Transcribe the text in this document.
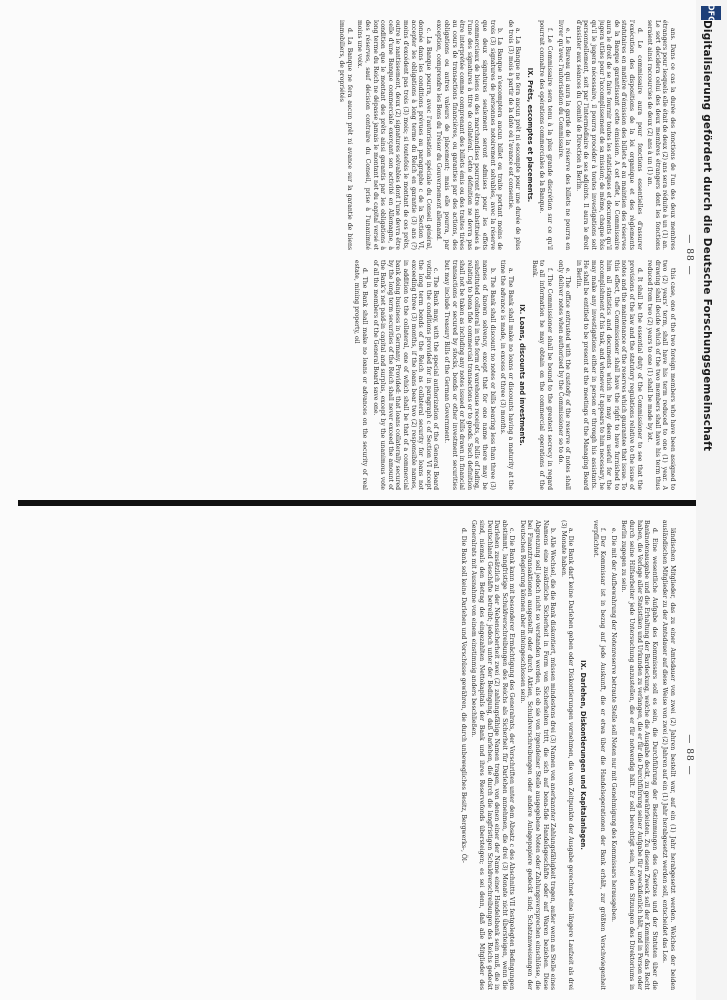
— 88 —

ans. Dans ce cas la durée des fonctions de l'un des deux membres étrangers pour lesquels elle était de deux (2) ans sera réduite à un (1) an. Le sort décidera celui des deux membres étrangers dont les fonctions seraient ainsi raccourcies de deux (2) ans à un (1) an.

d. Le commissaire aura pour fonctions essentielles d'assurer l'exécution des dispositions de la loi organique et des règlements statutaires en matière d'émission des billets et au maintien des réserves de la Banque garantissant cette émission. A cet effet, le Commissaire aura le droit de se faire fournir toutes les statistiques et documents qu'il jugera utiles pour l'accomplissement de sa mission; de même, chaque fois qu'il le jugera nécessaire, il pourra procéder à toutes investigations soit personnellement, soit par l'intermédiaire de ses adjoints. Il aura le droit d'assister aux séances du Comité de Direction à Berlin.

e. Le Bureau qui aura la garde de la réserve des billets ne pourra en livrer qu'avec l'autorisation du Commissaire.

f. Le Commissaire sera tenu à la plus grande discrétion sur ce qu'il pourrait connaître des opérations commerciales de la Banque.

IX. Prêts, escomptes et placements.

a. La Banque ne fera aucun prêt ni escompte pour une durée de plus de trois (3) mois à partir de la date où l'avance est consentie.

b. La Banque n'escomptera aucun billet ou traite portant moins de trois (3) signatures de personnes notoirement solvables, avec la réserve que deux signatures seulement seront admises pour les effets commerciaux de biens ou des marchandises pourront être substituées à l'une des signatures à titre de collatéral. Cette définition ne devra pas être interprétée comme comprenant des billets émis ou des traites tirées au cours de transactions financières, ou garanties par des actions, des obligations ou autres valeurs de placement; mais elle pourra, par exception, comprendre les Bons du Trésor du Gouvernement allemand.

c. La Banque pourra, avec l'autorisation spéciale du Conseil général, donnée dans les conditions prévues au paragraphe c de la Section VI, accepter les obligations à long terme du Reich en garantie (3) ans (?) moins d'excédent pas trois (3) mois; si toutefois le montant de ces prêts, outre le nantissement, deux (2) signatures solvables dont l'une devra être celle d'une Banque commerciale exerçant son activité en Allemagne, à condition que le montant des prêts ainsi garantis par les obligations à long terme du Reich ne dépasse jamais le montant net du capital versé et des réserves, sauf décision contraire du Conseil, prise à l'unanimité moins une voix.

d. La Banque ne fera aucun prêt ni avance sur la garantie de biens immobiliers, de propriétés

this case, one of the two foreign members who have been assigned to two (2) years' term, shall have his term reduced to one (1) year. A drawing shall decide which of the two members shall have his term thus reduced from two (2) years to one (1) shall be made by lot.

d. It shall be the essential duty of the Commissioner to see that the provisions of the law and the statutory regulations relative to the issue of notes and the maintenance of the reserves which guarantee that issue. To this effect, the Commissioner shall have the right to have furnished to him all statistics and documents which he may deem useful for the accomplishment of his task, and whenever it appears to him necessary, he may make any investigations either in person or through his assistants. He shall be entitled to be present at the meetings of the Managing Board in Berlin.

e. The office entrusted with the custody of the reserve of notes shall only deliver notes when authorized by the Commissioner so to do.

f. The Commissioner shall be bound to the greatest secrecy in regard to all information he may obtain on the commercial operations of the Bank.

IX. Loans, discounts and investments.

a. The Bank shall make no loans or discounts having a maturity at the time the advance is made, in excess of three (3) months.

b. The Bank shall discount no notes or bills bearing less than three (3) names of known solvency, except that for one name there may be substituted collateral in the form of warehouse receipts, or bills of lading, relating to bona fide commercial transactions or to goods. Such definition shall not be taken as including any notes issued or bills drawn in financial transactions or secured by stocks, bonds or other investment securities but may include Treasury Bills of the German Government.

c. The Bank may, with the special authorization of the General Board voting in the conditions provided for in paragraph c of Section VI accept the long term bonds of the Reich as collateral security for loans not exceeding three (3) months, if the loans bear two (2) responsible names, in addition to the collateral, one of which shall be that of a commercial bank doing business in Germany. Provided: that loans collaterally secured by the long term securities of the Reich shall never exceed the amount of the Bank's net paid-in capital and surplus, except by the unanimous vote of all the members of the General Board save one.

d. The Bank shall make no loans or advances on the security of real estate, mining property, oil

— 88 —

ländischen Mitglieder, das zu einer Amtsdauer von zwei (2) Jahren bestellt war, auf ein (1) Jahr herabgesetzt werden. Welches der beiden ausländischen Mitglieder zu der Amtsdauer auf diese Weise von zwei (2) Jahren auf ein (1) Jahr herabgesetzt werden soll, entscheidet das Los.

d. Eine wesentliche Aufgabe des Kommissars soll es sein, die Durchführung der Bestimmungen des Gesetzes und der Statuten über die Banknotenausgabe und die Erhaltung der Bardeckung, welche die Ausgabe deckt, zu gewährleisten. Zu diesem Zweck soll der Kommissar das Recht haben, die Vorlage aller Statistiken und Urkunden zu verlangen, die er für die Durchführung seiner Aufgabe für zweckdienlich hält, und in Person oder durch seine Hilfsarbeiter jede Untersuchung anzustellen, die er für notwendig hält. Er soll berechtigt sein, bei den Sitzungen des Direktoriums in Berlin zugegen zu sein.

e. Die mit der Aufbewahrung der Notenreserve betraute Stelle soll Noten nur mit Genehmigung des Kommissars herausgeben.

f. Der Kommissar ist in bezug auf jede Auskunft, die er etwa über die Handelsoperationen der Bank erhält, zur größten Verschwiegenheit verpflichtet.

IX. Darlehen, Diskontierungen und Kapitalanlagen.

a. Die Bank darf keine Darlehen geben oder Diskontierungen vornehmen, die vom Zeitpunkte der Ausgabe gerechnet eine längere Laufzeit als drei (3) Monate haben.

b. Alle Wechsel, die die Bank diskontiert, müssen mindestens drei (3) Namen von anerkannter Zahlungsfähigkeit tragen, außer wenn an Stelle eines Namens eine zusätzliche Sicherheit in Form von Sicherheiten tritt, die sich auf bona-fide Handelsgeschäfte oder auf Waren beziehen. Diese Abgrenzung soll jedoch nicht so verstanden werden, als ob sie von irgendeiner Stelle ausgegebene Noten oder Zahlungsversprechen einschlösse, die bei Finanztransaktionen ausgestellt oder durch Aktien, Schuldverschreibungen oder andere Anlagepapiere gedeckt sind; Schatzanweisungen der Deutschen Regierung können aber miteingeschlossen sein.

c. Die Bank kann mit besonderer Ermächtigung des Generalrats, der Vorschriften unter dem Absatz c des Abschnitts VII festgelegten Bedingungen abstimmt, langfristige Schuldverschreibungen des Reichs als Sicherheit für Darlehen annehmen, die drei (3) Monate nicht übersteigen, wenn die Darlehen zusätzlich zu der Nebensicherheit zwei (2) zahlungsfähige Namen tragen, von denen einer der Name einer Handelsbank sein muß, die in Deutschland Geschäfte betreibt; jedoch unter der Bedingung, daß Darlehen, die durch die langfristigen Schuldverschreibungen des Reichs gedeckt sind, niemals den Betrag des eingezahlten Nettokapitals der Bank und ihres Reservefonds übersteigen; es sei denn, daß alle Mitglieder des Generalrats mit Ausnahme von einem einstimmig anders beschließen.

d. Die Bank soll keine Darlehen und Vorschüsse gewähren, die durch unbewegliches Besitz, Bergwerks-, Öl-

DFG
Digitalisierung gefördert durch die Deutsche Forschungsgemeinschaft
